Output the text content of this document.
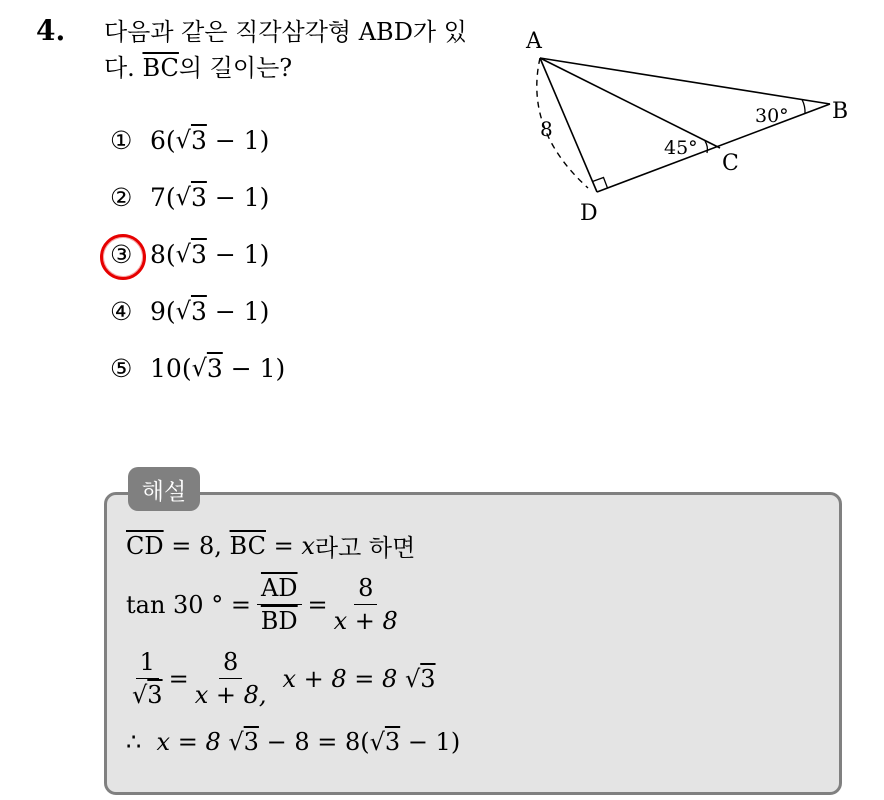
4. 다음과 같은 직각삼각형 ABD가 있
다. $\overline{BC}$의 길이는?
① 6 ( √ 3
− 1)
② 7 ( √ 3
− 1)
③ 8 ( √ 3
− 1)
④ 9 ( √ 3
− 1)
⑤ 10 ( √ 3
− 1)
A
B
C
D
8
30°
45°
해설
$\overline{CD}$
= 8,
$\overline{BC}$
=
x 라고 하면
tan 30 ° = $\frac{\overline{AD}}{BD} = \frac{8}{x + 8}$
$\frac{1}{√3} = \frac{8}{x + 8,}$ x + 8 = 8
√ 3
∴
x = 8
√ 3
− 8 = 8( √ 3
− 1)
